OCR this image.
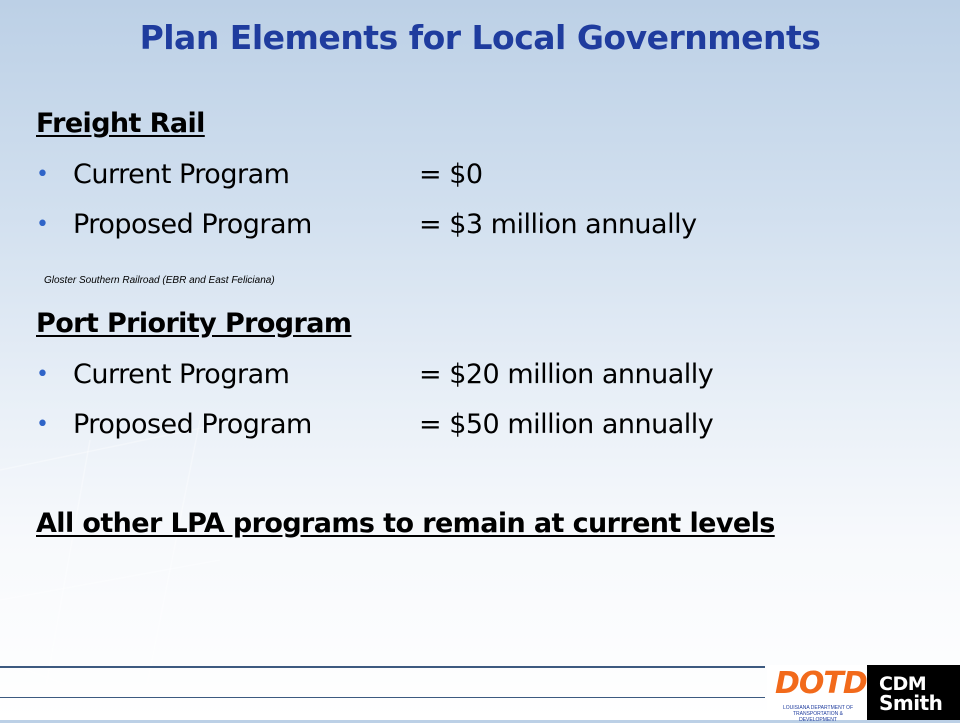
Plan Elements for Local Governments
Freight Rail
• Current Program	= $0
• Proposed Program	= $3 million annually
Gloster Southern Railroad (EBR and East Feliciana)
Port Priority Program
• Current Program	= $20 million annually
• Proposed Program	= $50 million annually
All other LPA programs to remain at current levels
DOTD
LOUISIANA DEPARTMENT OF
TRANSPORTATION & DEVELOPMENT
CDM
Smith
